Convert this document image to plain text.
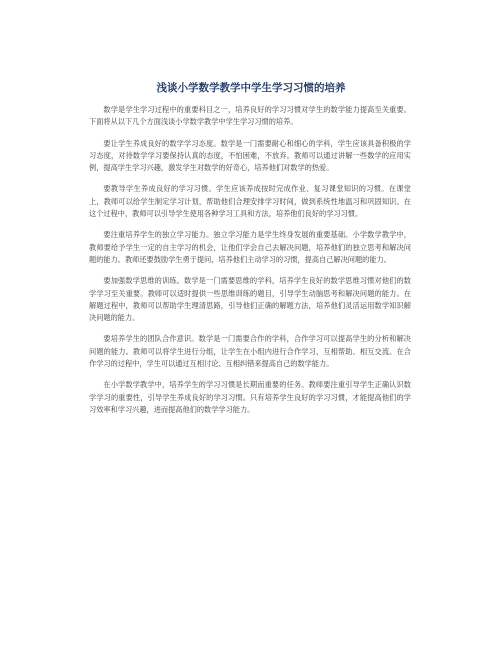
浅谈小学数学教学中学生学习习惯的培养

数学是学生学习过程中的重要科目之一，培养良好的学习习惯对学生的数学能力提高至关重要。下面将从以下几个方面浅谈小学数学教学中学生学习习惯的培养。

要让学生养成良好的数学学习态度。数学是一门需要耐心和细心的学科，学生应该具备积极的学习态度，对待数学学习要保持认真的态度，不怕困难，不放弃。教师可以通过讲解一些数学的应用实例，提高学生学习兴趣，激发学生对数学的好奇心，培养他们对数学的热爱。

要教导学生养成良好的学习习惯。学生应该养成按时完成作业、复习课堂知识的习惯。在课堂上，教师可以给学生制定学习计划，帮助他们合理安排学习时间，做到系统性地温习和巩固知识。在这个过程中，教师可以引导学生使用各种学习工具和方法，培养他们良好的学习习惯。

要注重培养学生的独立学习能力。独立学习能力是学生终身发展的重要基础。小学数学教学中，教师要给予学生一定的自主学习的机会，让他们学会自己去解决问题，培养他们的独立思考和解决问题的能力。教师还要鼓励学生勇于提问，培养他们主动学习的习惯，提高自己解决问题的能力。

要加强数学思维的训练。数学是一门需要思维的学科，培养学生良好的数学思维习惯对他们的数学学习至关重要。教师可以适时提供一些思维训练的题目，引导学生动脑思考和解决问题的能力。在解题过程中，教师可以帮助学生理清思路，引导他们正确的解题方法，培养他们灵活运用数学知识解决问题的能力。

要培养学生的团队合作意识。数学是一门需要合作的学科，合作学习可以提高学生的分析和解决问题的能力。教师可以将学生进行分组，让学生在小组内进行合作学习，互相帮助、相互交流。在合作学习的过程中，学生可以通过互相讨论、互相纠错来提高自己的数学能力。

在小学数学教学中，培养学生的学习习惯是长期而重要的任务。教师要注重引导学生正确认识数学学习的重要性，引导学生养成良好的学习习惯。只有培养学生良好的学习习惯，才能提高他们的学习效率和学习兴趣，进而提高他们的数学学习能力。
